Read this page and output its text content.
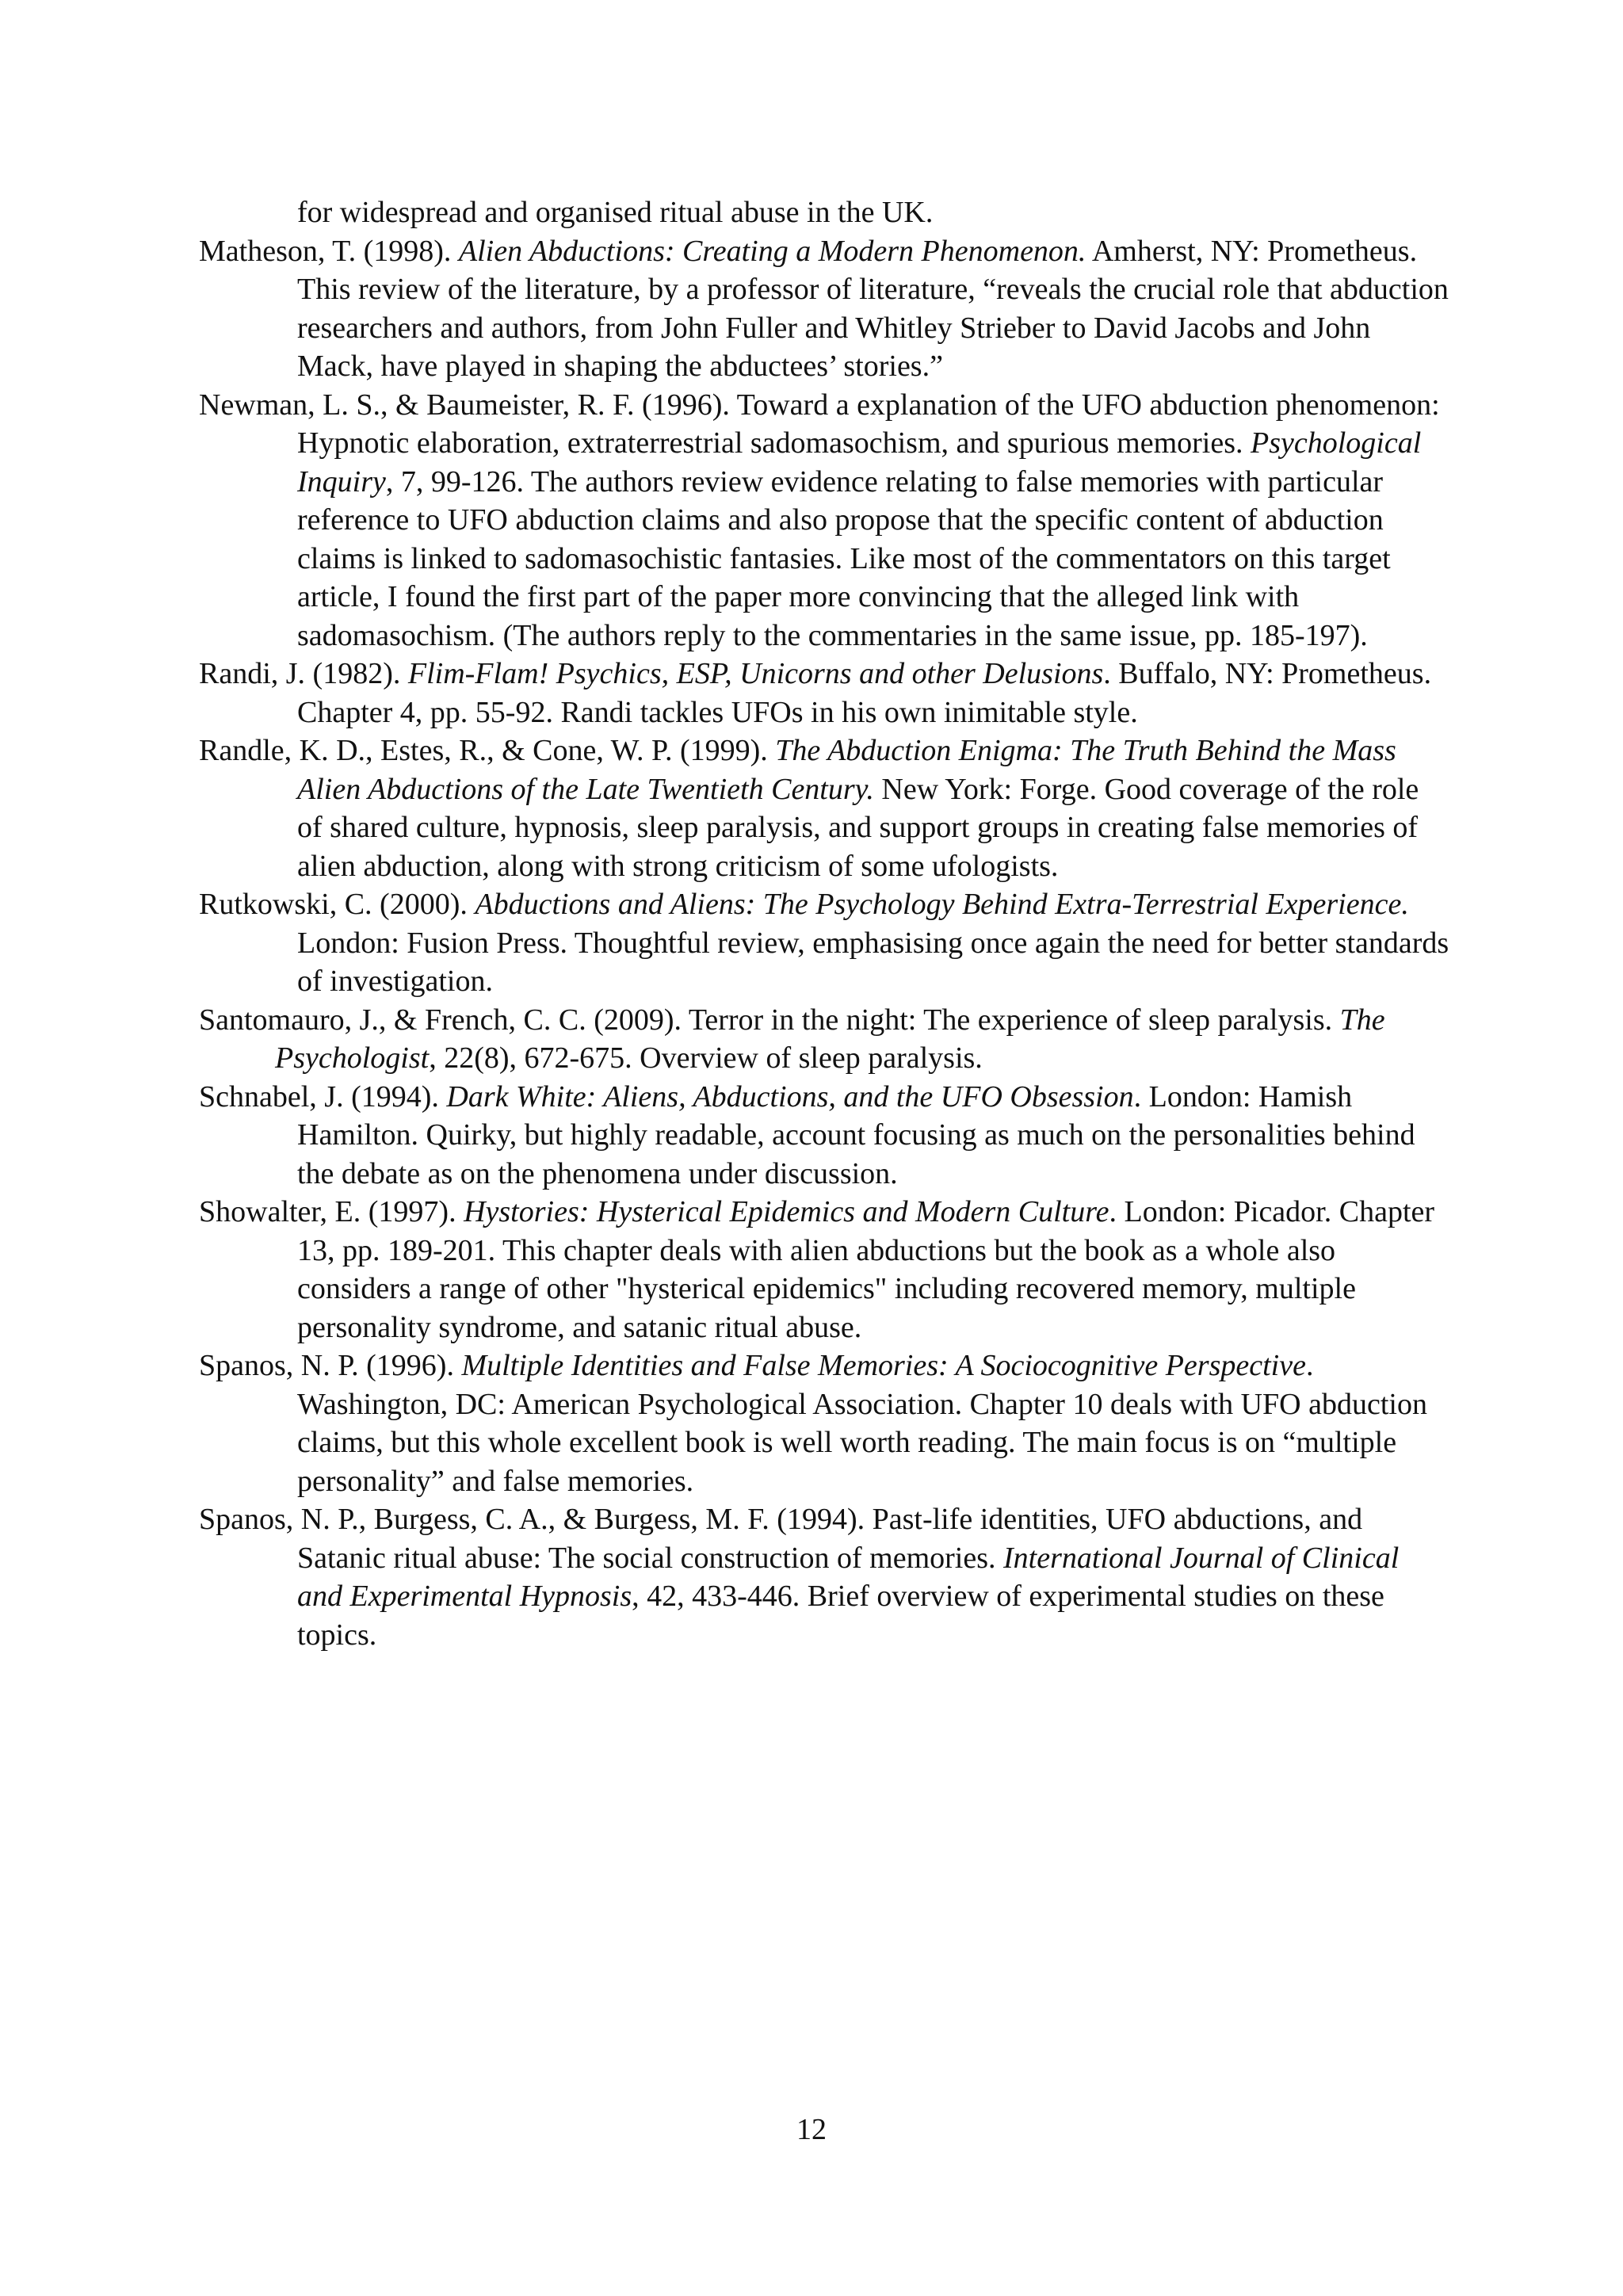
for widespread and organised ritual abuse in the UK.

Matheson, T. (1998). Alien Abductions: Creating a Modern Phenomenon. Amherst, NY: Prometheus. This review of the literature, by a professor of literature, “reveals the crucial role that abduction researchers and authors, from John Fuller and Whitley Strieber to David Jacobs and John Mack, have played in shaping the abductees’ stories.”

Newman, L. S., & Baumeister, R. F. (1996). Toward a explanation of the UFO abduction phenomenon: Hypnotic elaboration, extraterrestrial sadomasochism, and spurious memories. Psychological Inquiry, 7, 99-126. The authors review evidence relating to false memories with particular reference to UFO abduction claims and also propose that the specific content of abduction claims is linked to sadomasochistic fantasies. Like most of the commentators on this target article, I found the first part of the paper more convincing that the alleged link with sadomasochism. (The authors reply to the commentaries in the same issue, pp. 185-197).

Randi, J. (1982). Flim-Flam! Psychics, ESP, Unicorns and other Delusions. Buffalo, NY: Prometheus. Chapter 4, pp. 55-92. Randi tackles UFOs in his own inimitable style.

Randle, K. D., Estes, R., & Cone, W. P. (1999). The Abduction Enigma: The Truth Behind the Mass Alien Abductions of the Late Twentieth Century. New York: Forge. Good coverage of the role of shared culture, hypnosis, sleep paralysis, and support groups in creating false memories of alien abduction, along with strong criticism of some ufologists.

Rutkowski, C. (2000). Abductions and Aliens: The Psychology Behind Extra-Terrestrial Experience. London: Fusion Press. Thoughtful review, emphasising once again the need for better standards of investigation.

Santomauro, J., & French, C. C. (2009). Terror in the night: The experience of sleep paralysis. The Psychologist, 22(8), 672-675. Overview of sleep paralysis.

Schnabel, J. (1994). Dark White: Aliens, Abductions, and the UFO Obsession. London: Hamish Hamilton. Quirky, but highly readable, account focusing as much on the personalities behind the debate as on the phenomena under discussion.

Showalter, E. (1997). Hystories: Hysterical Epidemics and Modern Culture. London: Picador. Chapter 13, pp. 189-201. This chapter deals with alien abductions but the book as a whole also considers a range of other "hysterical epidemics" including recovered memory, multiple personality syndrome, and satanic ritual abuse.

Spanos, N. P. (1996). Multiple Identities and False Memories: A Sociocognitive Perspective. Washington, DC: American Psychological Association. Chapter 10 deals with UFO abduction claims, but this whole excellent book is well worth reading. The main focus is on “multiple personality” and false memories.

Spanos, N. P., Burgess, C. A., & Burgess, M. F. (1994). Past-life identities, UFO abductions, and Satanic ritual abuse: The social construction of memories. International Journal of Clinical and Experimental Hypnosis, 42, 433-446. Brief overview of experimental studies on these topics.

12
